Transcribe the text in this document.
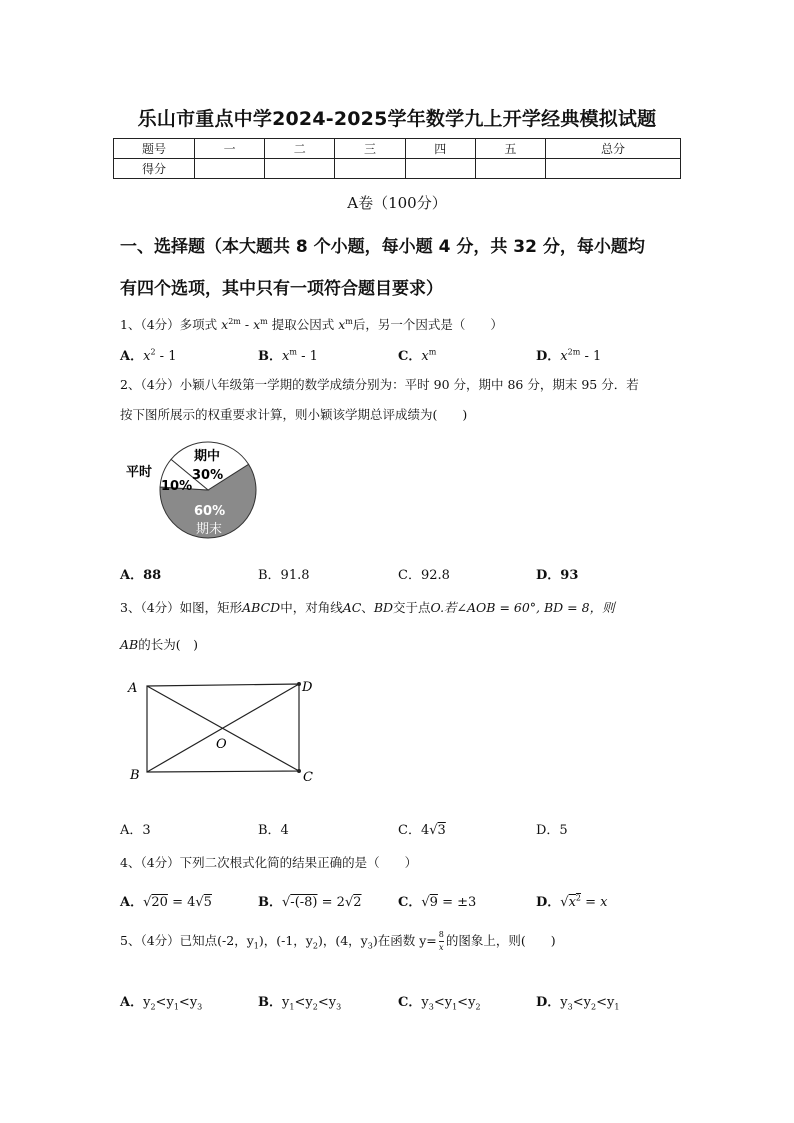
乐山市重点中学2024-2025学年数学九上开学经典模拟试题
题号	一	二	三	四	五	总分
得分						
A卷（100分）
一、选择题（本大题共 8 个小题，每小题 4 分，共 32 分，每小题均
有四个选项，其中只有一项符合题目要求）
1、（4分）多项式 $x^{2m} - x^m$ 提取公因式 $x^m$后，另一个因式是（　　）
A．$x^2 - 1$	B．$x^m - 1$	C．$x^m$	D．$x^{2m} - 1$
2、（4分）小颖八年级第一学期的数学成绩分别为：平时 90 分，期中 86 分，期末 95 分．若
按下图所展示的权重要求计算，则小颖该学期总评成绩为(　　)
平时
期中
30%
10%
60%
期末
A．88	B．91.8	C．92.8	D．93
3、（4分）如图，矩形ABCD中，对角线AC、BD交于点O.若∠AOB = 60°, BD = 8，则
AB的长为(　)
A	D
O
B	C
A．3	B．4	C．4√3	D．5
4、（4分）下列二次根式化简的结果正确的是（　　）
A．√20 = 4√5	B．√-(-8) = 2√2	C．√9 = ±3	D．$√x^2 = x$
5、（4分）已知点(-2，$y_1$)，(-1，$y_2$)，(4，$y_3$)在函数 $y= \frac{8}{x}$ 的图象上，则(　　)
A．$y_2<y_1<y_3$	B．$y_1<y_2<y_3$	C．$y_3<y_1<y_2$	D．$y_3<y_2<y_1$
